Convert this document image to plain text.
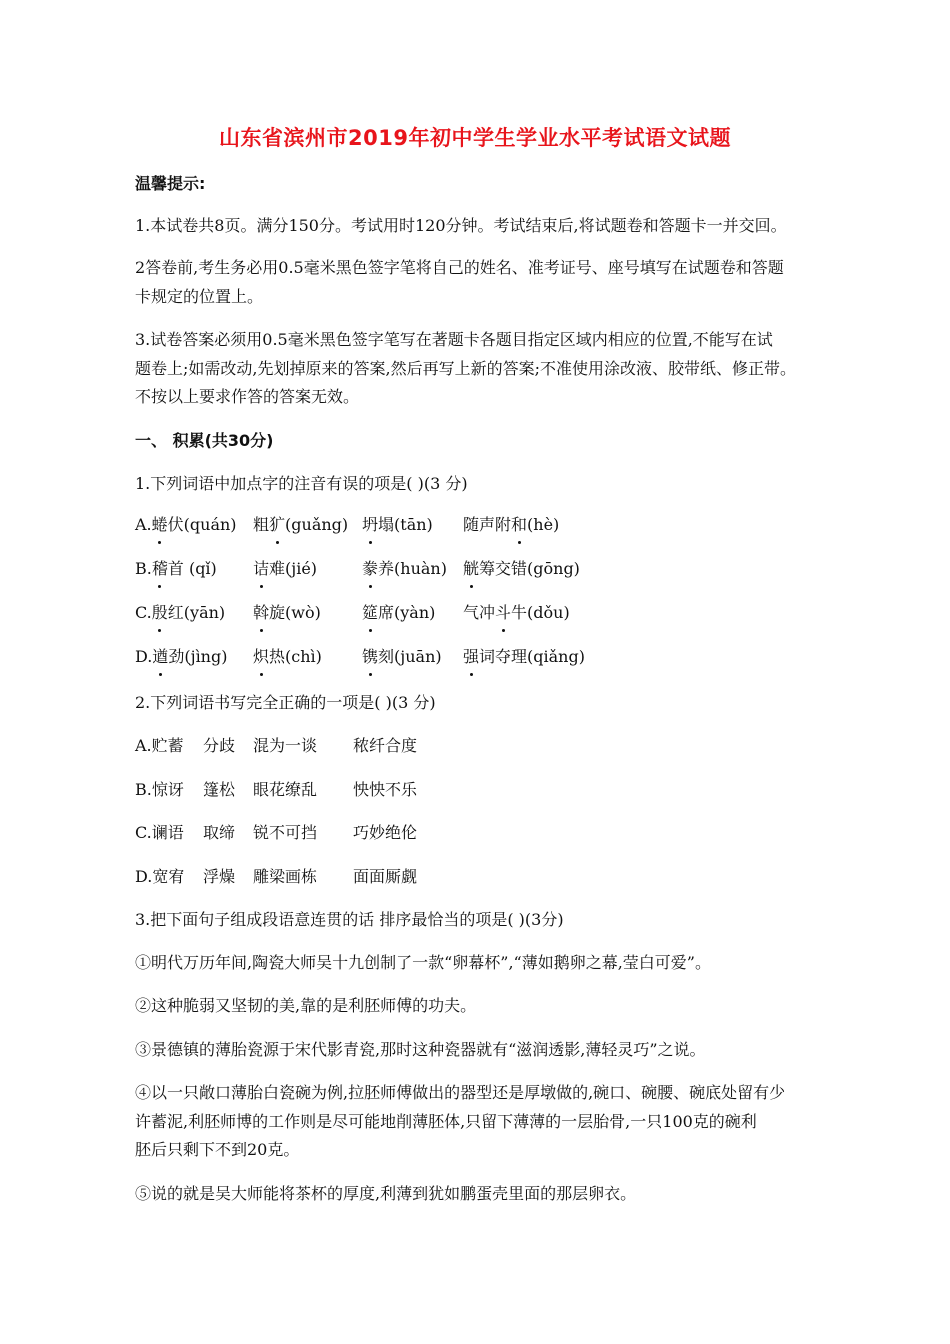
山东省滨州市2019年初中学生学业水平考试语文试题
温馨提示:
1.本试卷共8页。满分150分。考试用时120分钟。考试结束后,将试题卷和答题卡一并交回。
2答卷前,考生务必用0.5毫米黑色签字笔将自己的姓名、准考证号、座号填写在试题卷和答题
卡规定的位置上。
3.试卷答案必须用0.5毫米黑色签字笔写在著题卡各题目指定区域内相应的位置,不能写在试
题卷上;如需改动,先划掉原来的答案,然后再写上新的答案;不准使用涂改液、胶带纸、修正带。
不按以上要求作答的答案无效。
一、 积累(共30分)
1.下列词语中加点字的注音有误的项是( )(3 分)
A.蜷伏(quán) 粗犷(guǎng) 坍塌(tān) 随声附和(hè)
B.稽首 (qǐ) 诘难(jié)	豢养(huàn) 觥筹交错(gōng)
C.殷红(yān) 斡旋(wò)	筵席(yàn) 气冲斗牛(dǒu)
D.遒劲(jìng) 炽热(chì)	镌刻(juān) 强词夺理(qiǎng)
2.下列词语书写完全正确的一项是( )(3 分)
A.贮蓄 分歧 混为一谈 秾纤合度
B.惊讶 篷松 眼花缭乱 怏怏不乐
C.谰语 取缔 锐不可挡 巧妙绝伦
D.宽宥 浮燥 雕梁画栋 面面厮觑
3.把下面句子组成段语意连贯的话 排序最恰当的项是( )(3分)
①明代万历年间,陶瓷大师吴十九创制了一款“卵幕杯”,“薄如鹅卵之幕,莹白可爱”。
②这种脆弱又坚韧的美,靠的是利胚师傅的功夫。
③景德镇的薄胎瓷源于宋代影青瓷,那时这种瓷器就有“滋润透影,薄轻灵巧”之说。
④以一只敞口薄胎白瓷碗为例,拉胚师傅做出的器型还是厚墩做的,碗口、碗腰、碗底处留有少
许蓄泥,利胚师博的工作则是尽可能地削薄胚体,只留下薄薄的一层胎骨,一只100克的碗利
胚后只剩下不到20克。
⑤说的就是吴大师能将茶杯的厚度,利薄到犹如鹏蛋壳里面的那层卵衣。
